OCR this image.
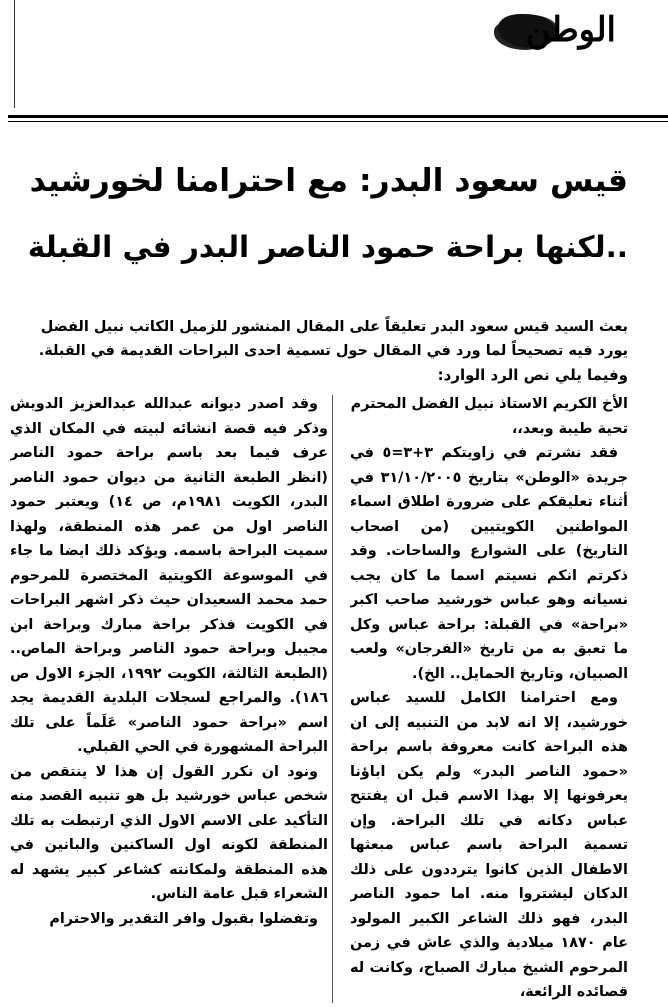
الوطن
قيس سعود البدر: مع احترامنا لخورشيد
..لكنها براحة حمود الناصر البدر في القبلة
بعث السيد قيس سعود البدر تعليقاً على المقال المنشور للزميل الكاتب نبيل الفضل
يورد فيه تصحيحاً لما ورد في المقال حول تسمية احدى البراحات القديمة في القبلة.
وفيما يلي نص الرد الوارد:

الأخ الكريم الاستاذ نبيل الفضل المحترم

تحية طيبة وبعد،،

فقد نشرتم في زاويتكم ٣+٣=٥ في جريدة «الوطن» بتاريخ ٣١/١٠/٢٠٠٥ في أثناء تعليقكم على ضرورة اطلاق اسماء المواطنين الكويتيين (من اصحاب التاريخ) على الشوارع والساحات. وقد ذكرتم انكم نسيتم اسما ما كان يجب نسيانه وهو عباس خورشيد صاحب اكبر «براحة» في القبلة: براحة عباس وكل ما تعبق به من تاريخ «الفرجان» ولعب الصبيان، وتاريخ الحمايل.. الخ).

ومع احترامنا الكامل للسيد عباس خورشيد، إلا انه لابد من التنبيه إلى ان هذه البراحة كانت معروفة باسم براحة «حمود الناصر البدر» ولم يكن اباؤنا يعرفونها إلا بهذا الاسم قبل ان يفتتح عباس دكانه في تلك البراحة. وإن تسمية البراحة باسم عباس مبعثها الاطفال الذين كانوا يترددون على ذلك الدكان ليشتروا منه. اما حمود الناصر البدر، فهو ذلك الشاعر الكبير المولود عام ١٨٧٠ ميلادية والذي عاش في زمن المرحوم الشيخ مبارك الصباح، وكانت له قصائده الرائعة،

وقد اصدر ديوانه عبدالله عبدالعزيز الدويش وذكر فيه قصة انشائه لبيته في المكان الذي عرف فيما بعد باسم براحة حمود الناصر (انظر الطبعة الثانية من ديوان حمود الناصر البدر، الكويت ١٩٨١م، ص ١٤) ويعتبر حمود الناصر اول من عمر هذه المنطقة، ولهذا سميت البراحة باسمه. ويؤكد ذلك ايضا ما جاء في الموسوعة الكويتية المختصرة للمرحوم حمد محمد السعيدان حيث ذكر اشهر البراحات في الكويت فذكر براحة مبارك وبراحة ابن مجيبل وبراحة حمود الناصر وبراحة الماص.. (الطبعة الثالثة، الكويت ١٩٩٢، الجزء الاول ص ١٨٦). والمراجع لسجلات البلدية القديمة يجد اسم «براحة حمود الناصر» عَلَماً على تلك البراحة المشهورة في الحي القبلي.

ونود ان نكرر القول إن هذا لا ينتقص من شخص عباس خورشيد بل هو تنبيه القصد منه التأكيد على الاسم الاول الذي ارتبطت به تلك المنطقة لكونه اول الساكنين والبانين في هذه المنطقة ولمكانته كشاعر كبير يشهد له الشعراء قبل عامة الناس.

وتفضلوا بقبول وافر التقدير والاحترام
